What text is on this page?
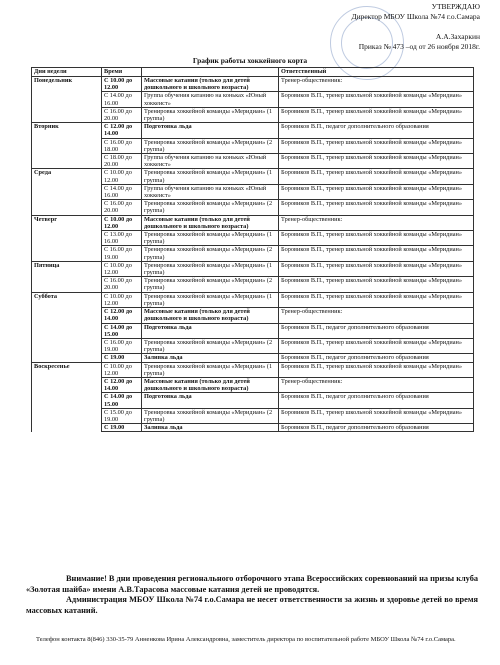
УТВЕРЖДАЮ
Директор МБОУ Школа №74 г.о.Самара
А.А.Захаркин
Приказ № 473 –од от 26 ноября 2018г.
График работы хоккейного корта
Дни недели	Время		Ответственный
Понедельник	С 10.00 до 12.00	Массовые катания (только для детей дошкольного и школьного возраста)	Тренер-общественник:
	С 14.00 до 16.00	Группа обучения катанию на коньках «Юный хоккеист»	Боровиков В.П., тренер школьной хоккейной команды «Меридиан»
	С 16.00 до 20.00	Тренировка хоккейной команды «Меридиан» (1 группа)	Боровиков В.П., тренер школьной хоккейной команды «Меридиан»
Вторник	С 12.00 до 14.00	Подготовка льда	Боровиков В.П., педагог дополнительного образования
	С 16.00 до 18.00	Тренировка хоккейной команды «Меридиан» (2 группа)	Боровиков В.П., тренер школьной хоккейной команды «Меридиан»
	С 18.00 до 20.00	Группа обучения катанию на коньках «Юный хоккеист»	Боровиков В.П., тренер школьной хоккейной команды «Меридиан»
Среда	С 10.00 до 12.00	Тренировка хоккейной команды «Меридиан» (1 группа)	Боровиков В.П., тренер школьной хоккейной команды «Меридиан»
	С 14.00 до 16.00	Группа обучения катанию на коньках «Юный хоккеист»	Боровиков В.П., тренер школьной хоккейной команды «Меридиан»
	С 16.00 до 20.00	Тренировка хоккейной команды «Меридиан» (2 группа)	Боровиков В.П., тренер школьной хоккейной команды «Меридиан»
Четверг	С 10.00 до 12.00	Массовые катания (только для детей дошкольного и школьного возраста)	Тренер-общественник:
	С 13.00 до 16.00	Тренировка хоккейной команды «Меридиан» (1 группа)	Боровиков В.П., тренер школьной хоккейной команды «Меридиан»
	С 16.00 до 19.00	Тренировка хоккейной команды «Меридиан» (2 группа)	Боровиков В.П., тренер школьной хоккейной команды «Меридиан»
Пятница	С 10.00 до 12.00	Тренировка хоккейной команды «Меридиан» (1 группа)	Боровиков В.П., тренер школьной хоккейной команды «Меридиан»
	С 16.00 до 20.00	Тренировка хоккейной команды «Меридиан» (2 группа)	Боровиков В.П., тренер школьной хоккейной команды «Меридиан»
Суббота	С 10.00 до 12.00	Тренировка хоккейной команды «Меридиан» (1 группа)	Боровиков В.П., тренер школьной хоккейной команды «Меридиан»
	С 12.00 до 14.00	Массовые катания (только для детей дошкольного и школьного возраста)	Тренер-общественник:
	С 14.00 до 15.00	Подготовка льда	Боровиков В.П., педагог дополнительного образования
	С 16.00 до 19.00	Тренировка хоккейной команды «Меридиан» (2 группа)	Боровиков В.П., тренер школьной хоккейной команды «Меридиан»
	С 19.00	Заливка льда	Боровиков В.П., педагог дополнительного образования
Воскресенье	С 10.00 до 12.00	Тренировка хоккейной команды «Меридиан» (1 группа)	Боровиков В.П., тренер школьной хоккейной команды «Меридиан»
	С 12.00 до 14.00	Массовые катания (только для детей дошкольного и школьного возраста)	Тренер-общественник:
	С 14.00 до 15.00	Подготовка льда	Боровиков В.П., педагог дополнительного образования
	С 15.00 до 19.00	Тренировка хоккейной команды «Меридиан» (2 группа)	Боровиков В.П., тренер школьной хоккейной команды «Меридиан»
	С 19.00	Заливка льда	Боровиков В.П., педагог дополнительного образования
Внимание! В дни проведения регионального отборочного этапа Всероссийских соревнований на призы клуба «Золотая шайба» имени А.В.Тарасова массовые катания детей не проводятся.
Администрация МБОУ Школа №74 г.о.Самара не несет ответственности за жизнь и здоровье детей во время массовых катаний.
Телефон контакта 8(846) 330-35-79 Анненкова Ирина Александровна, заместитель директора по воспитательной работе МБОУ Школа №74 г.о.Самара.
